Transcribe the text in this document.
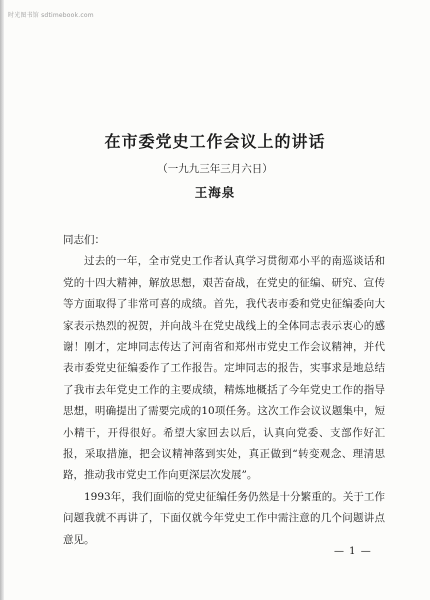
时光图书馆 sdtimebook.com
在市委党史工作会议上的讲话
（一九九三年三月六日）
王海泉

同志们：

过去的一年，全市党史工作者认真学习贯彻邓小平的南巡谈话和党的十四大精神，解放思想，艰苦奋战，在党史的征编、研究、宣传等方面取得了非常可喜的成绩。首先，我代表市委和党史征编委向大家表示热烈的祝贺，并向战斗在党史战线上的全体同志表示衷心的感谢！刚才，定坤同志传达了河南省和郑州市党史工作会议精神，并代表市委党史征编委作了工作报告。定坤同志的报告，实事求是地总结了我市去年党史工作的主要成绩，精炼地概括了今年党史工作的指导思想，明确提出了需要完成的10项任务。这次工作会议议题集中，短小精干，开得很好。希望大家回去以后，认真向党委、支部作好汇报，采取措施，把会议精神落到实处，真正做到“转变观念、理清思路，推动我市党史工作向更深层次发展”。

1993年，我们面临的党史征编任务仍然是十分繁重的。关于工作问题我就不再讲了，下面仅就今年党史工作中需注意的几个问题讲点意见。

— 1 —
